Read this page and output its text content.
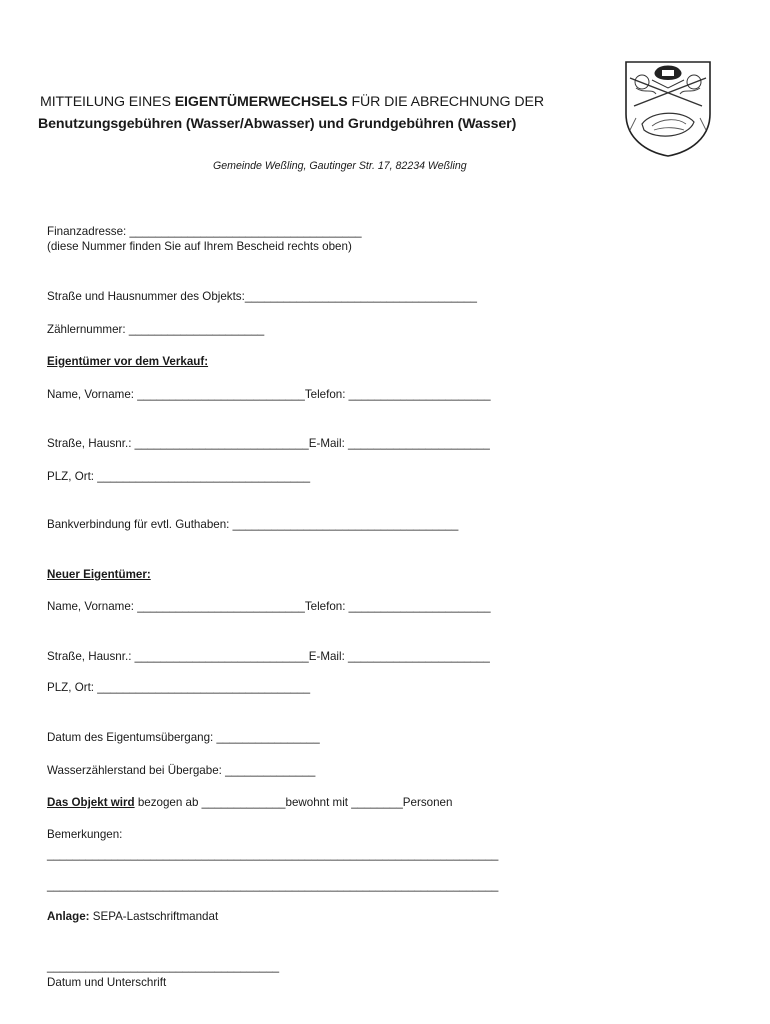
MITTEILUNG EINES EIGENTÜMERWECHSELS FÜR DIE ABRECHNUNG DER
Benutzungsgebühren (Wasser/Abwasser) und Grundgebühren (Wasser)
Gemeinde Weßling, Gautinger Str. 17, 82234 Weßling
Finanzadresse: ____________________________________
(diese Nummer finden Sie auf Ihrem Bescheid rechts oben)
Straße und Hausnummer des Objekts:____________________________________
Zählernummer: _____________________
Eigentümer vor dem Verkauf:
Name, Vorname: __________________________Telefon: ______________________
Straße, Hausnr.: ___________________________E-Mail: ______________________
PLZ, Ort: _________________________________
Bankverbindung für evtl. Guthaben: ___________________________________
Neuer Eigentümer:
Name, Vorname: __________________________Telefon: ______________________
Straße, Hausnr.: ___________________________E-Mail: ______________________
PLZ, Ort: _________________________________
Datum des Eigentumsübergang: ________________
Wasserzählerstand bei Übergabe: ______________
Das Objekt wird bezogen ab _____________bewohnt mit ________Personen
Bemerkungen:
______________________________________________________________________
______________________________________________________________________
Anlage: SEPA-Lastschriftmandat
____________________________________
Datum und Unterschrift
